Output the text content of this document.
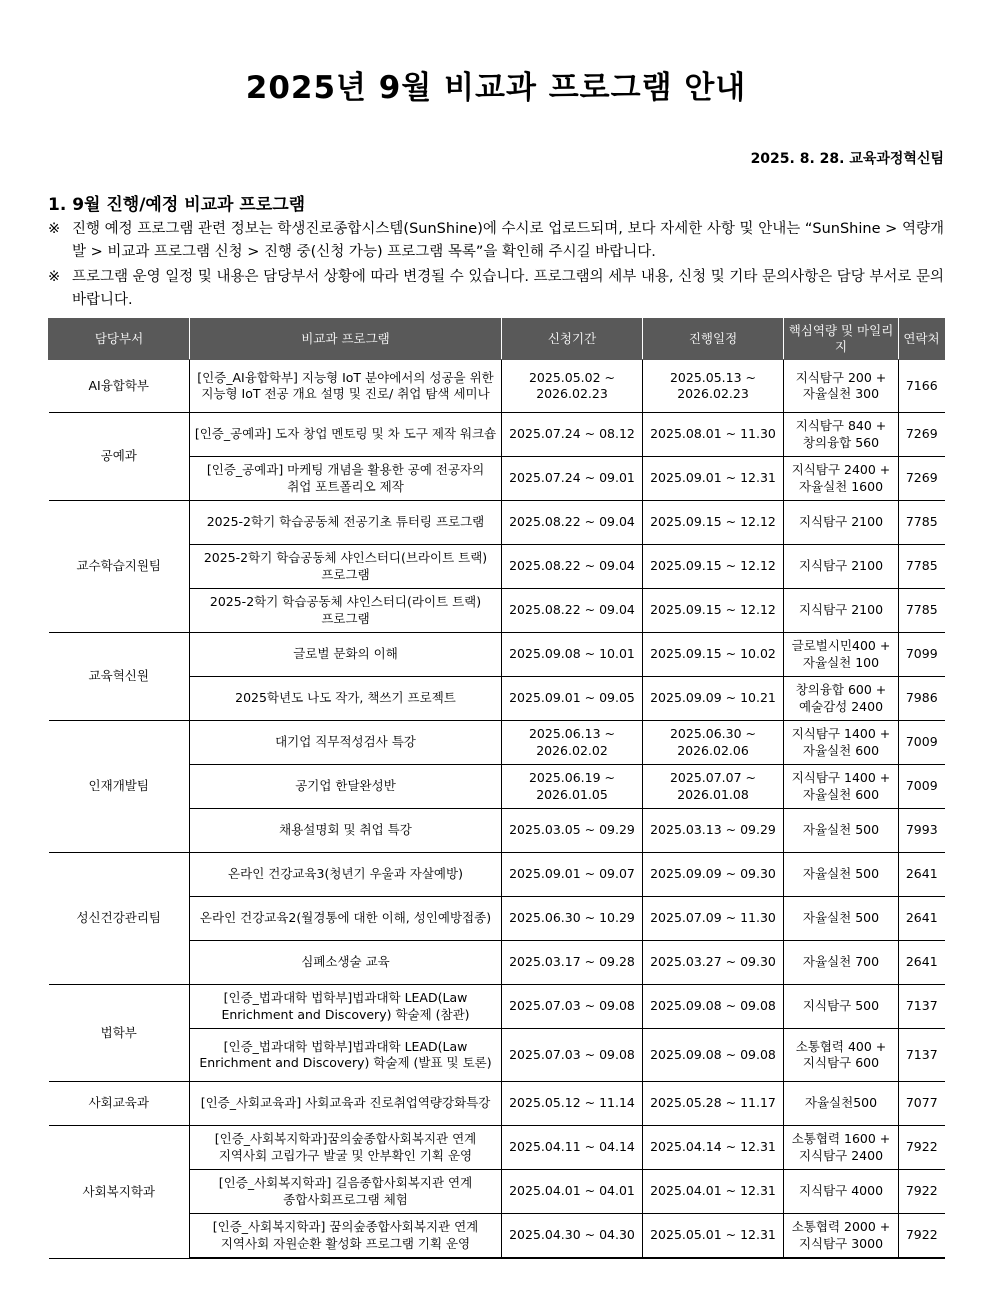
2025년 9월 비교과 프로그램 안내
2025. 8. 28. 교육과정혁신팀
1. 9월 진행/예정 비교과 프로그램
※ 진행 예정 프로그램 관련 정보는 학생진로종합시스템(SunShine)에 수시로 업로드되며, 보다 자세한 사항 및 안내는 “SunShine > 역량개발 > 비교과 프로그램 신청 > 진행 중(신청 가능) 프로그램 목록”을 확인해 주시길 바랍니다.
※ 프로그램 운영 일정 및 내용은 담당부서 상황에 따라 변경될 수 있습니다. 프로그램의 세부 내용, 신청 및 기타 문의사항은 담당 부서로 문의 바랍니다.
담당부서	비교과 프로그램	신청기간	진행일정	핵심역량 및 마일리지	연락처
AI융합학부	[인증_AI융합학부] 지능형 IoT 분야에서의 성공을 위한 지능형 IoT 전공 개요 설명 및 진로/ 취업 탐색 세미나	2025.05.02 ~ 2026.02.23	2025.05.13 ~ 2026.02.23	지식탐구 200 + 자율실천 300	7166
공예과	[인증_공예과] 도자 창업 멘토링 및 차 도구 제작 워크숍	2025.07.24 ~ 08.12	2025.08.01 ~ 11.30	지식탐구 840 + 창의융합 560	7269
	[인증_공예과] 마케팅 개념을 활용한 공예 전공자의 취업 포트폴리오 제작	2025.07.24 ~ 09.01	2025.09.01 ~ 12.31	지식탐구 2400 + 자율실천 1600	7269
교수학습지원팀	2025-2학기 학습공동체 전공기초 튜터링 프로그램	2025.08.22 ~ 09.04	2025.09.15 ~ 12.12	지식탐구 2100	7785
	2025-2학기 학습공동체 샤인스터디(브라이트 트랙) 프로그램	2025.08.22 ~ 09.04	2025.09.15 ~ 12.12	지식탐구 2100	7785
	2025-2학기 학습공동체 샤인스터디(라이트 트랙) 프로그램	2025.08.22 ~ 09.04	2025.09.15 ~ 12.12	지식탐구 2100	7785
교육혁신원	글로벌 문화의 이해	2025.09.08 ~ 10.01	2025.09.15 ~ 10.02	글로벌시민400 + 자율실천 100	7099
	2025학년도 나도 작가, 책쓰기 프로젝트	2025.09.01 ~ 09.05	2025.09.09 ~ 10.21	창의융합 600 + 예술감성 2400	7986
인재개발팀	대기업 직무적성검사 특강	2025.06.13 ~ 2026.02.02	2025.06.30 ~ 2026.02.06	지식탐구 1400 + 자율실천 600	7009
	공기업 한달완성반	2025.06.19 ~ 2026.01.05	2025.07.07 ~ 2026.01.08	지식탐구 1400 + 자율실천 600	7009
	채용설명회 및 취업 특강	2025.03.05 ~ 09.29	2025.03.13 ~ 09.29	자율실천 500	7993
성신건강관리팀	온라인 건강교육3(청년기 우울과 자살예방)	2025.09.01 ~ 09.07	2025.09.09 ~ 09.30	자율실천 500	2641
	온라인 건강교육2(월경통에 대한 이해, 성인예방접종)	2025.06.30 ~ 10.29	2025.07.09 ~ 11.30	자율실천 500	2641
	심폐소생술 교육	2025.03.17 ~ 09.28	2025.03.27 ~ 09.30	자율실천 700	2641
법학부	[인증_법과대학 법학부]법과대학 LEAD(Law Enrichment and Discovery) 학술제 (참관)	2025.07.03 ~ 09.08	2025.09.08 ~ 09.08	지식탐구 500	7137
	[인증_법과대학 법학부]법과대학 LEAD(Law Enrichment and Discovery) 학술제 (발표 및 토론)	2025.07.03 ~ 09.08	2025.09.08 ~ 09.08	소통협력 400 + 지식탐구 600	7137
사회교육과	[인증_사회교육과] 사회교육과 진로취업역량강화특강	2025.05.12 ~ 11.14	2025.05.28 ~ 11.17	자율실천500	7077
사회복지학과	[인증_사회복지학과]꿈의숲종합사회복지관 연계 지역사회 고립가구 발굴 및 안부확인 기획 운영	2025.04.11 ~ 04.14	2025.04.14 ~ 12.31	소통협력 1600 + 지식탐구 2400	7922
	[인증_사회복지학과] 길음종합사회복지관 연계 종합사회프로그램 체험	2025.04.01 ~ 04.01	2025.04.01 ~ 12.31	지식탐구 4000	7922
	[인증_사회복지학과] 꿈의숲종합사회복지관 연계 지역사회 자원순환 활성화 프로그램 기획 운영	2025.04.30 ~ 04.30	2025.05.01 ~ 12.31	소통협력 2000 + 지식탐구 3000	7922
